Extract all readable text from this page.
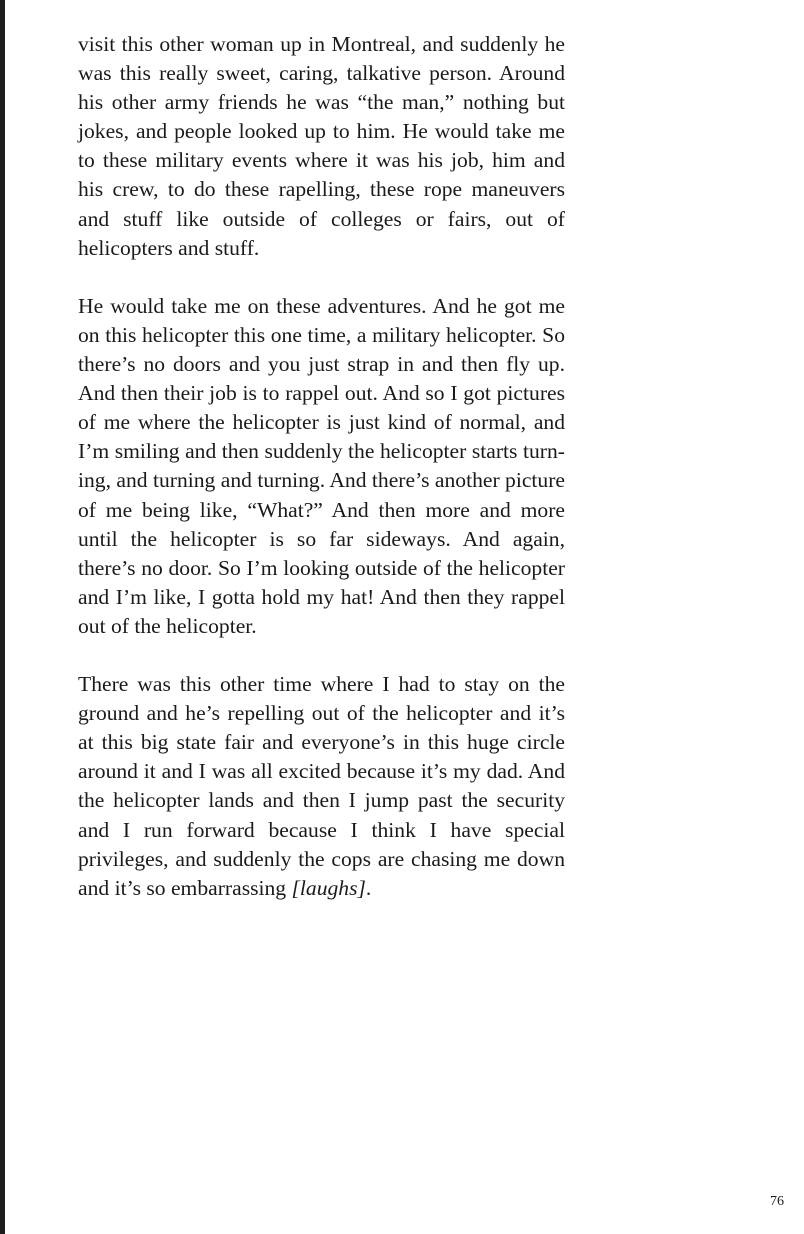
visit this other woman up in Montreal, and suddenly he was this really sweet, caring, talkative person. Around his other army friends he was “the man,” nothing but jokes, and people looked up to him. He would take me to these military events where it was his job, him and his crew, to do these rapelling, these rope maneuvers and stuff like outside of colleges or fairs, out of helicopters and stuff.

He would take me on these adventures. And he got me on this helicopter this one time, a military helicopter. So there’s no doors and you just strap in and then fly up. And then their job is to rappel out. And so I got pictures of me where the helicopter is just kind of normal, and I’m smiling and then suddenly the helicopter starts turning, and turning and turning. And there’s another picture of me being like, “What?” And then more and more until the helicopter is so far sideways. And again, there’s no door. So I’m looking outside of the helicopter and I’m like, I gotta hold my hat! And then they rappel out of the helicopter.

There was this other time where I had to stay on the ground and he’s repelling out of the helicopter and it’s at this big state fair and everyone’s in this huge circle around it and I was all excited because it’s my dad. And the helicopter lands and then I jump past the security and I run forward because I think I have special privileges, and suddenly the cops are chasing me down and it’s so embarrassing [laughs].

76
